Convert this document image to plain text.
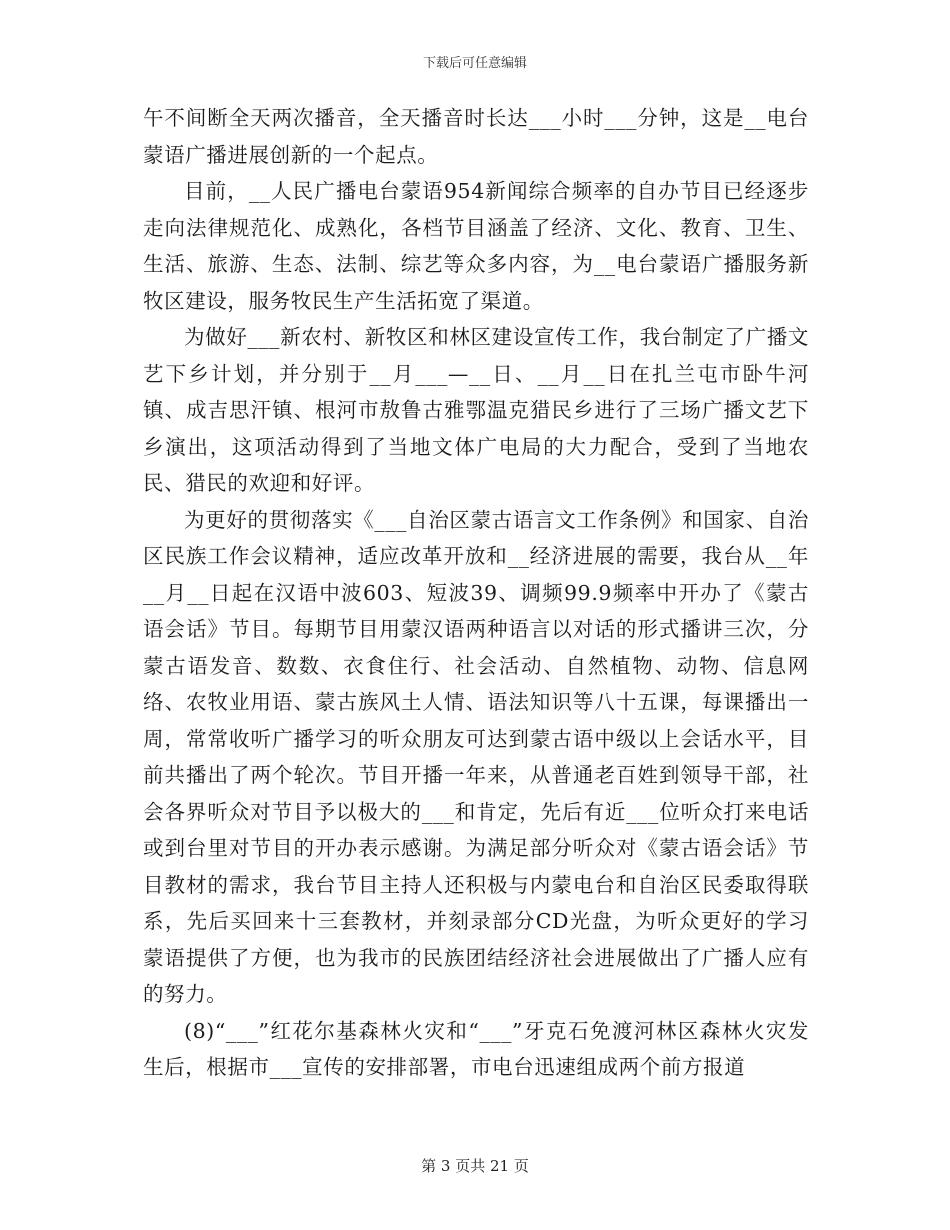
下载后可任意编辑

午不间断全天两次播音，全天播音时长达___小时___分钟，这是__电台蒙语广播进展创新的一个起点。

目前，__人民广播电台蒙语954新闻综合频率的自办节目已经逐步走向法律规范化、成熟化，各档节目涵盖了经济、文化、教育、卫生、生活、旅游、生态、法制、综艺等众多内容，为__电台蒙语广播服务新牧区建设，服务牧民生产生活拓宽了渠道。

为做好___新农村、新牧区和林区建设宣传工作，我台制定了广播文艺下乡计划，并分别于__月___—__日、__月__日在扎兰屯市卧牛河镇、成吉思汗镇、根河市敖鲁古雅鄂温克猎民乡进行了三场广播文艺下乡演出，这项活动得到了当地文体广电局的大力配合，受到了当地农民、猎民的欢迎和好评。

为更好的贯彻落实《___自治区蒙古语言文工作条例》和国家、自治区民族工作会议精神，适应改革开放和__经济进展的需要，我台从__年__月__日起在汉语中波603、短波39、调频99.9频率中开办了《蒙古语会话》节目。每期节目用蒙汉语两种语言以对话的形式播讲三次，分蒙古语发音、数数、衣食住行、社会活动、自然植物、动物、信息网络、农牧业用语、蒙古族风土人情、语法知识等八十五课，每课播出一周，常常收听广播学习的听众朋友可达到蒙古语中级以上会话水平，目前共播出了两个轮次。节目开播一年来，从普通老百姓到领导干部，社会各界听众对节目予以极大的___和肯定，先后有近___位听众打来电话或到台里对节目的开办表示感谢。为满足部分听众对《蒙古语会话》节目教材的需求，我台节目主持人还积极与内蒙电台和自治区民委取得联系，先后买回来十三套教材，并刻录部分CD光盘，为听众更好的学习蒙语提供了方便，也为我市的民族团结经济社会进展做出了广播人应有的努力。

(8)“___”红花尔基森林火灾和“___”牙克石免渡河林区森林火灾发生后，根据市___宣传的安排部署，市电台迅速组成两个前方报道

第 3 页共 21 页
